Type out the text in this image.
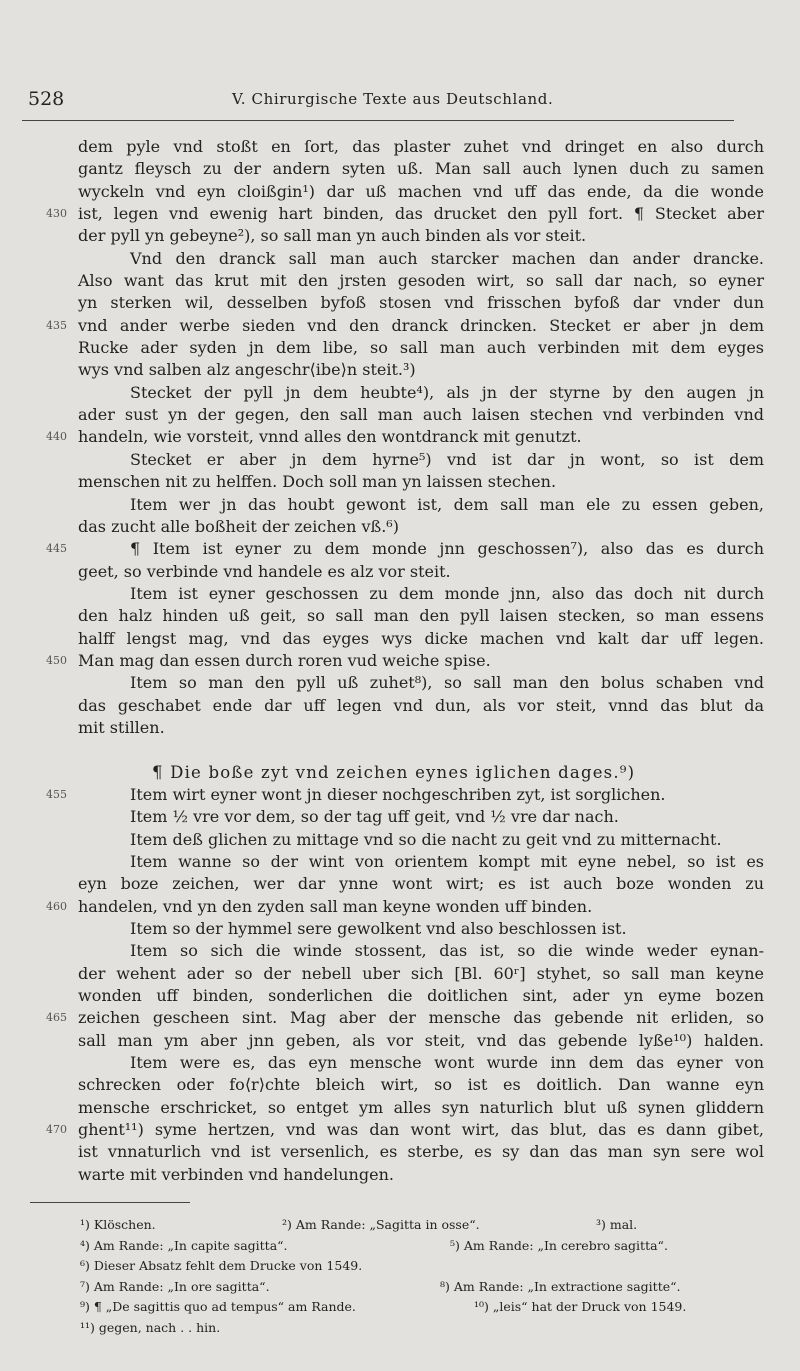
528	V. Chirurgische Texte aus Deutschland.
dem pyle vnd stoßt en ſort, das plaster zuhet vnd dringet en also durch
gantz fleysch zu der andern syten uß. Man sall auch lynen duch zu samen
wyckeln vnd eyn cloißgin¹) dar uß machen vnd uff das ende, da die wonde
430 ist, legen vnd ewenig hart binden, das drucket den pyll fort. ¶ Stecket aber
der pyll yn gebeyne²), so sall man yn auch binden als vor steit.
Vnd den dranck sall man auch starcker machen dan ander drancke.
Also want das krut mit den jrsten gesoden wirt, so sall dar nach, so eyner
yn sterken wil, desselben byfoß stosen vnd frisschen byfoß dar vnder dun
435 vnd ander werbe sieden vnd den dranck drincken. Stecket er aber jn dem
Rucke ader syden jn dem libe, so sall man auch verbinden mit dem eyges
wys vnd salben alz angeschr⟨ibe⟩n steit.³)
Stecket der pyll jn dem heubte⁴), als jn der styrne by den augen jn
ader sust yn der gegen, den sall man auch laisen stechen vnd verbinden vnd
440 handeln, wie vorsteit, vnnd alles den wontdranck mit genutzt.
Stecket er aber jn dem hyrne⁵) vnd ist dar jn wont, so ist dem
menschen nit zu helffen. Doch soll man yn laissen stechen.
Item wer jn das houbt gewont ist, dem sall man ele zu essen geben,
das zucht alle boßheit der zeichen vß.⁶)
445	¶ Item ist eyner zu dem monde jnn geschossen⁷), also das es durch
geet, so verbinde vnd handele es alz vor steit.
Item ist eyner geschossen zu dem monde jnn, also das doch nit durch
den halz hinden uß geit, so sall man den pyll laisen stecken, so man essens
halff lengst mag, vnd das eyges wys dicke machen vnd kalt dar uff legen.
450 Man mag dan essen durch roren vud weiche spise.
Item so man den pyll uß zuhet⁸), so sall man den bolus schaben vnd
das geschabet ende dar uff legen vnd dun, als vor steit, vnnd das blut da
mit stillen.
¶ Die boße zyt vnd zeichen eynes iglichen dages.⁹)
455	Item wirt eyner wont jn dieser nochgeschriben zyt, ist sorglichen.
Item ½ vre vor dem, so der tag uff geit, vnd ½ vre dar nach.
Item deß glichen zu mittage vnd so die nacht zu geit vnd zu mitternacht.
Item wanne so der wint von orientem kompt mit eyne nebel, so ist es
eyn boze zeichen, wer dar ynne wont wirt; es ist auch boze wonden zu
460 handelen, vnd yn den zyden sall man keyne wonden uff binden.
Item so der hymmel sere gewolkent vnd also beschlossen ist.
Item so sich die winde stossent, das ist, so die winde weder eynan-
der wehent ader so der nebell uber sich [Bl. 60ʳ] styhet, so sall man keyne
wonden uff binden, sonderlichen die doitlichen sint, ader yn eyme bozen
465 zeichen gescheen sint. Mag aber der mensche das gebende nit erliden, so
sall man ym aber jnn geben, als vor steit, vnd das gebende lyße¹⁰) halden.
Item were es, das eyn mensche wont wurde inn dem das eyner von
schrecken oder fo⟨r⟩chte bleich wirt, so ist es doitlich. Dan wanne eyn
mensche erschricket, so entget ym alles syn naturlich blut uß synen gliddern
470 ghent¹¹) syme hertzen, vnd was dan wont wirt, das blut, das es dann gibet,
ist vnnaturlich vnd ist versenlich, es sterbe, es sy dan das man syn sere wol
warte mit verbinden vnd handelungen.
¹) Klöschen.	²) Am Rande: „Sagitta in osse“.	³) mal.
⁴) Am Rande: „In capite sagitta“.	⁵) Am Rande: „In cerebro sagitta“.
⁶) Dieser Absatz fehlt dem Drucke von 1549.
⁷) Am Rande: „In ore sagitta“.	⁸) Am Rande: „In extractione sagitte“.
⁹) ¶ „De sagittis quo ad tempus“ am Rande.	¹⁰) „leis“ hat der Druck von 1549.
¹¹) gegen, nach . . hin.
